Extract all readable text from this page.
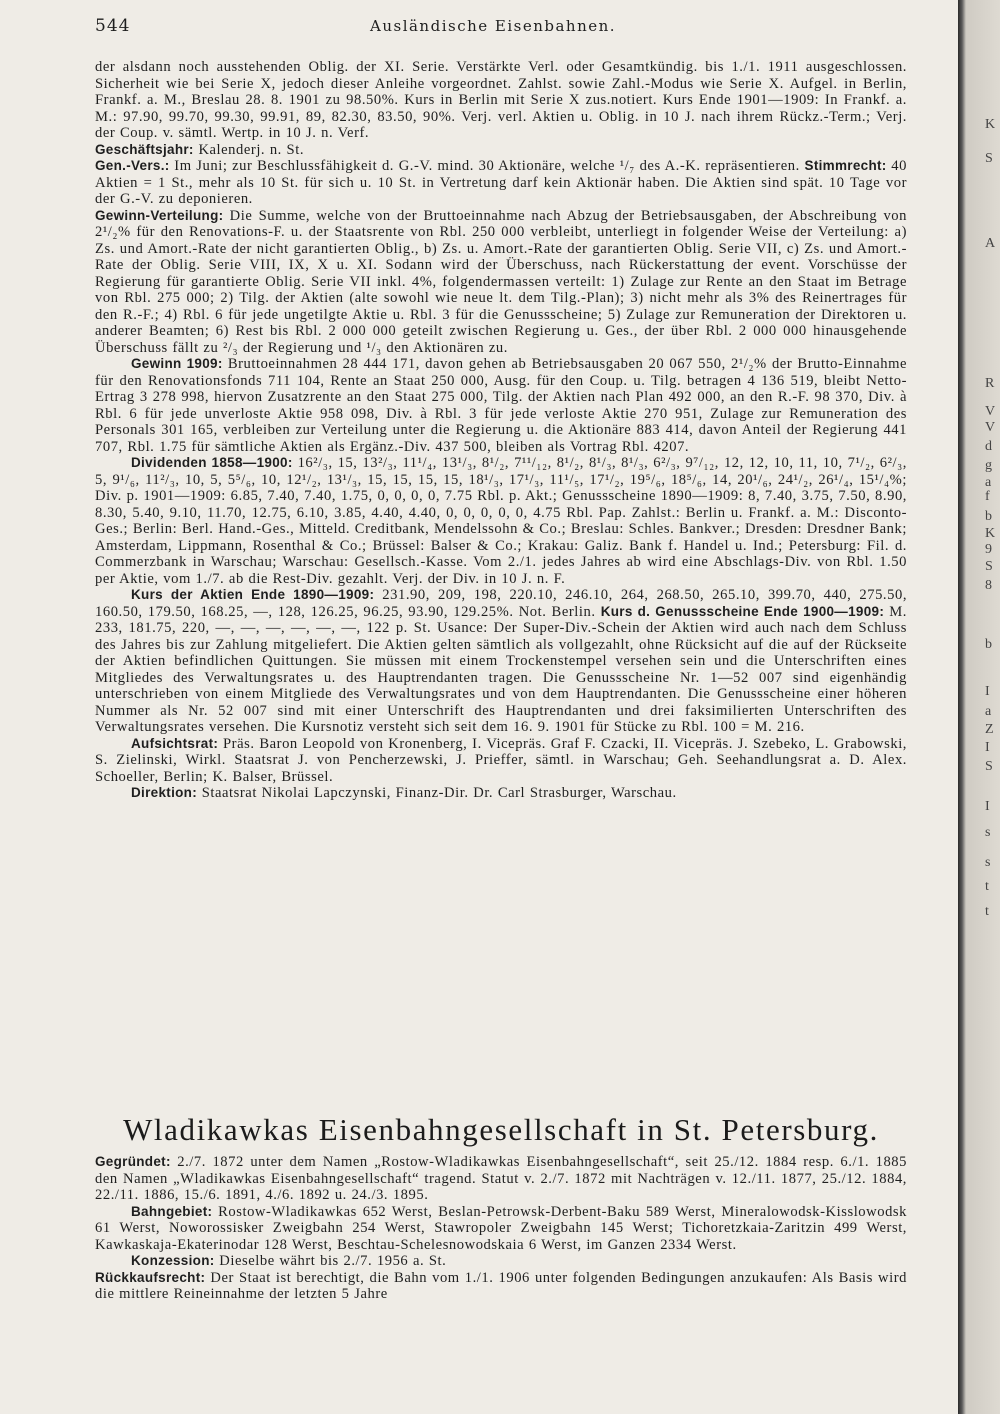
544	Ausländische Eisenbahnen.

der alsdann noch ausstehenden Oblig. der XI. Serie. Verstärkte Verl. oder Gesamtkündig. bis 1./1. 1911 ausgeschlossen. Sicherheit wie bei Serie X, jedoch dieser Anleihe vorgeordnet. Zahlst. sowie Zahl.-Modus wie Serie X. Aufgel. in Berlin, Frankf. a. M., Breslau 28. 8. 1901 zu 98.50%. Kurs in Berlin mit Serie X zus.notiert. Kurs Ende 1901—1909: In Frankf. a. M.: 97.90, 99.70, 99.30, 99.91, 89, 82.30, 83.50, 90%. Verj. verl. Aktien u. Oblig. in 10 J. nach ihrem Rückz.-Term.; Verj. der Coup. v. sämtl. Wertp. in 10 J. n. Verf.

Geschäftsjahr: Kalenderj. n. St.

Gen.-Vers.: Im Juni; zur Beschlussfähigkeit d. G.-V. mind. 30 Aktionäre, welche ¹/₇ des A.-K. repräsentieren. Stimmrecht: 40 Aktien = 1 St., mehr als 10 St. für sich u. 10 St. in Vertretung darf kein Aktionär haben. Die Aktien sind spät. 10 Tage vor der G.-V. zu deponieren.

Gewinn-Verteilung: Die Summe, welche von der Bruttoeinnahme nach Abzug der Betriebsausgaben, der Abschreibung von 2¹/₂% für den Renovations-F. u. der Staatsrente von Rbl. 250 000 verbleibt, unterliegt in folgender Weise der Verteilung: a) Zs. und Amort.-Rate der nicht garantierten Oblig., b) Zs. u. Amort.-Rate der garantierten Oblig. Serie VII, c) Zs. und Amort.-Rate der Oblig. Serie VIII, IX, X u. XI. Sodann wird der Überschuss, nach Rückerstattung der event. Vorschüsse der Regierung für garantierte Oblig. Serie VII inkl. 4%, folgendermassen verteilt: 1) Zulage zur Rente an den Staat im Betrage von Rbl. 275 000; 2) Tilg. der Aktien (alte sowohl wie neue lt. dem Tilg.-Plan); 3) nicht mehr als 3% des Reinertrages für den R.-F.; 4) Rbl. 6 für jede ungetilgte Aktie u. Rbl. 3 für die Genussscheine; 5) Zulage zur Remuneration der Direktoren u. anderer Beamten; 6) Rest bis Rbl. 2 000 000 geteilt zwischen Regierung u. Ges., der über Rbl. 2 000 000 hinausgehende Überschuss fällt zu ²/₃ der Regierung und ¹/₃ den Aktionären zu.

Gewinn 1909: Bruttoeinnahmen 28 444 171, davon gehen ab Betriebsausgaben 20 067 550, 2¹/₂% der Brutto-Einnahme für den Renovationsfonds 711 104, Rente an Staat 250 000, Ausg. für den Coup. u. Tilg. betragen 4 136 519, bleibt Netto-Ertrag 3 278 998, hiervon Zusatzrente an den Staat 275 000, Tilg. der Aktien nach Plan 492 000, an den R.-F. 98 370, Div. à Rbl. 6 für jede unverloste Aktie 958 098, Div. à Rbl. 3 für jede verloste Aktie 270 951, Zulage zur Remuneration des Personals 301 165, verbleiben zur Verteilung unter die Regierung u. die Aktionäre 883 414, davon Anteil der Regierung 441 707, Rbl. 1.75 für sämtliche Aktien als Ergänz.-Div. 437 500, bleiben als Vortrag Rbl. 4207.

Dividenden 1858—1900: 16²/₃, 15, 13²/₃, 11¹/₄, 13¹/₃, 8¹/₂, 7¹¹/₁₂, 8¹/₂, 8¹/₃, 8¹/₃, 6²/₃, 9⁷/₁₂, 12, 12, 10, 11, 10, 7¹/₂, 6²/₃, 5, 9¹/₆, 11²/₃, 10, 5, 5⁵/₆, 10, 12¹/₂, 13¹/₃, 15, 15, 15, 15, 18¹/₃, 17¹/₃, 11¹/₅, 17¹/₂, 19⁵/₆, 18⁵/₆, 14, 20¹/₆, 24¹/₂, 26¹/₄, 15¹/₄%; Div. p. 1901—1909: 6.85, 7.40, 7.40, 1.75, 0, 0, 0, 0, 7.75 Rbl. p. Akt.; Genussscheine 1890—1909: 8, 7.40, 3.75, 7.50, 8.90, 8.30, 5.40, 9.10, 11.70, 12.75, 6.10, 3.85, 4.40, 4.40, 0, 0, 0, 0, 0, 4.75 Rbl. Pap. Zahlst.: Berlin u. Frankf. a. M.: Disconto-Ges.; Berlin: Berl. Hand.-Ges., Mitteld. Creditbank, Mendelssohn & Co.; Breslau: Schles. Bankver.; Dresden: Dresdner Bank; Amsterdam, Lippmann, Rosenthal & Co.; Brüssel: Balser & Co.; Krakau: Galiz. Bank f. Handel u. Ind.; Petersburg: Fil. d. Commerzbank in Warschau; Warschau: Gesellsch.-Kasse. Vom 2./1. jedes Jahres ab wird eine Abschlags-Div. von Rbl. 1.50 per Aktie, vom 1./7. ab die Rest-Div. gezahlt. Verj. der Div. in 10 J. n. F.

Kurs der Aktien Ende 1890—1909: 231.90, 209, 198, 220.10, 246.10, 264, 268.50, 265.10, 399.70, 440, 275.50, 160.50, 179.50, 168.25, —, 128, 126.25, 96.25, 93.90, 129.25%. Not. Berlin. Kurs d. Genussscheine Ende 1900—1909: M. 233, 181.75, 220, —, —, —, —, —, —, 122 p. St. Usance: Der Super-Div.-Schein der Aktien wird auch nach dem Schluss des Jahres bis zur Zahlung mitgeliefert. Die Aktien gelten sämtlich als vollgezahlt, ohne Rücksicht auf die auf der Rückseite der Aktien befindlichen Quittungen. Sie müssen mit einem Trockenstempel versehen sein und die Unterschriften eines Mitgliedes des Verwaltungsrates u. des Hauptrendanten tragen. Die Genussscheine Nr. 1—52 007 sind eigenhändig unterschrieben von einem Mitgliede des Verwaltungsrates und von dem Hauptrendanten. Die Genussscheine einer höheren Nummer als Nr. 52 007 sind mit einer Unterschrift des Hauptrendanten und drei faksimilierten Unterschriften des Verwaltungsrates versehen. Die Kursnotiz versteht sich seit dem 16. 9. 1901 für Stücke zu Rbl. 100 = M. 216.

Aufsichtsrat: Präs. Baron Leopold von Kronenberg, I. Vicepräs. Graf F. Czacki, II. Vicepräs. J. Szebeko, L. Grabowski, S. Zielinski, Wirkl. Staatsrat J. von Pencherzewski, J. Prieffer, sämtl. in Warschau; Geh. Seehandlungsrat a. D. Alex. Schoeller, Berlin; K. Balser, Brüssel.

Direktion: Staatsrat Nikolai Lapczynski, Finanz-Dir. Dr. Carl Strasburger, Warschau.

Wladikawkas Eisenbahngesellschaft in St. Petersburg.

Gegründet: 2./7. 1872 unter dem Namen „Rostow-Wladikawkas Eisenbahngesellschaft“, seit 25./12. 1884 resp. 6./1. 1885 den Namen „Wladikawkas Eisenbahngesellschaft“ tragend. Statut v. 2./7. 1872 mit Nachträgen v. 12./11. 1877, 25./12. 1884, 22./11. 1886, 15./6. 1891, 4./6. 1892 u. 24./3. 1895.

Bahngebiet: Rostow-Wladikawkas 652 Werst, Beslan-Petrowsk-Derbent-Baku 589 Werst, Mineralowodsk-Kisslowodsk 61 Werst, Noworossisker Zweigbahn 254 Werst, Stawropoler Zweigbahn 145 Werst; Tichoretzkaia-Zaritzin 499 Werst, Kawkaskaja-Ekaterinodar 128 Werst, Beschtau-Schelesnowodskaia 6 Werst, im Ganzen 2334 Werst.

Konzession: Dieselbe währt bis 2./7. 1956 a. St.

Rückkaufsrecht: Der Staat ist berechtigt, die Bahn vom 1./1. 1906 unter folgenden Bedingungen anzukaufen: Als Basis wird die mittlere Reineinnahme der letzten 5 Jahre

K
S
A
R
V
V
d
g
a
f
b
K
9
S
8
b
I
a
Z
I
S
I
s
s
t
t
